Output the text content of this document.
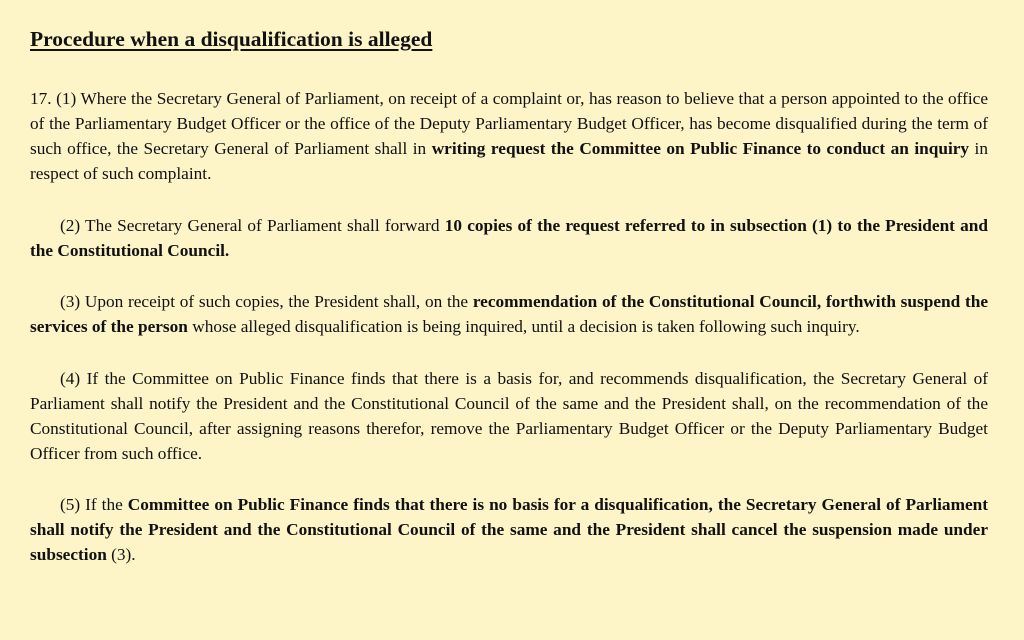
Procedure when a disqualification is alleged

17. (1) Where the Secretary General of Parliament, on receipt of a complaint or, has reason to believe that a person appointed to the office of the Parliamentary Budget Officer or the office of the Deputy Parliamentary Budget Officer, has become disqualified during the term of such office, the Secretary General of Parliament shall in writing request the Committee on Public Finance to conduct an inquiry in respect of such complaint.

(2) The Secretary General of Parliament shall forward 10 copies of the request referred to in subsection (1) to the President and the Constitutional Council.

(3) Upon receipt of such copies, the President shall, on the recommendation of the Constitutional Council, forthwith suspend the services of the person whose alleged disqualification is being inquired, until a decision is taken following such inquiry.

(4) If the Committee on Public Finance finds that there is a basis for, and recommends disqualification, the Secretary General of Parliament shall notify the President and the Constitutional Council of the same and the President shall, on the recommendation of the Constitutional Council, after assigning reasons therefor, remove the Parliamentary Budget Officer or the Deputy Parliamentary Budget Officer from such office.

(5) If the Committee on Public Finance finds that there is no basis for a disqualification, the Secretary General of Parliament shall notify the President and the Constitutional Council of the same and the President shall cancel the suspension made under subsection (3).
